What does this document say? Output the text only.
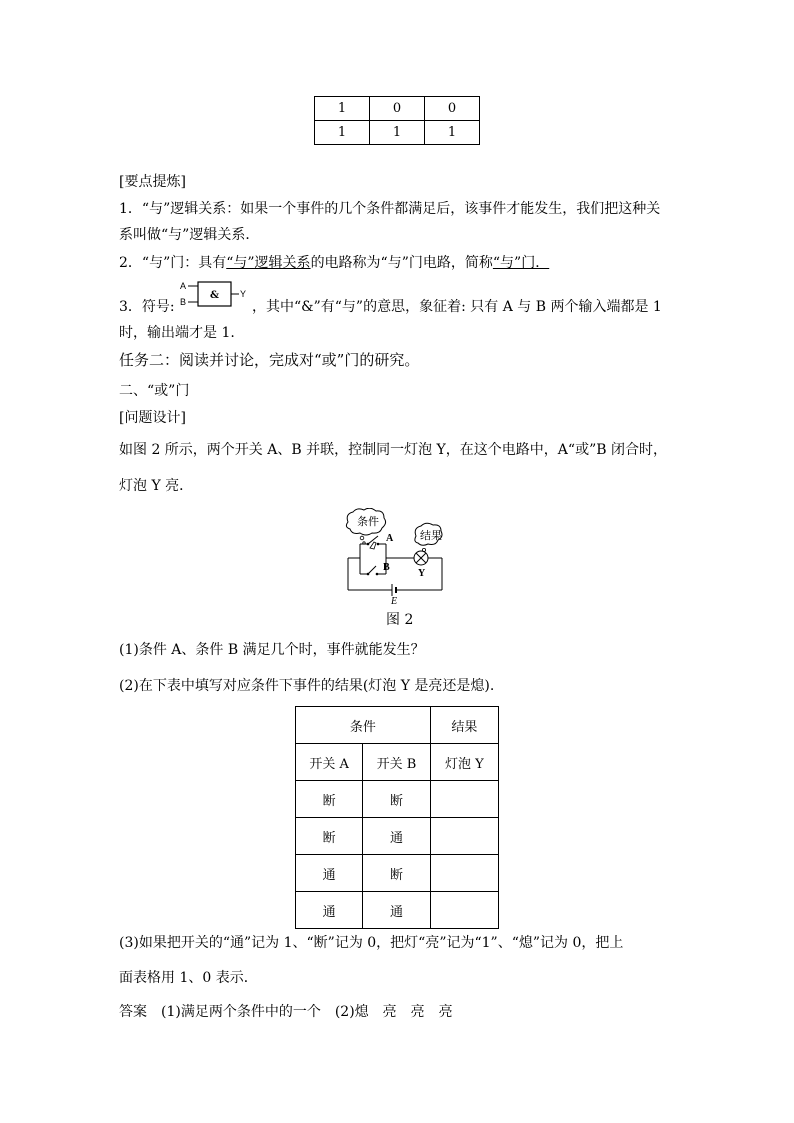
1	0	0
1	1	1
[要点提炼]
1．“与”逻辑关系：如果一个事件的几个条件都满足后，该事件才能发生，我们把这种关
系叫做“与”逻辑关系．
2．“与”门：具有“与”逻辑关系的电路称为“与”门电路，简称“与”门．
3．符号:
A
B
& Y
，其中“&”有“与”的意思，象征着: 只有 A 与 B 两个输入端都是 1
时，输出端才是 1.
任务二：阅读并讨论，完成对“或”门的研究。
二、“或”门
[问题设计]
如图 2 所示，两个开关 A、B 并联，控制同一灯泡 Y，在这个电路中，A“或”B 闭合时，
灯泡 Y 亮．
条件
结果
A
B
Y
E
图 2
(1)条件 A、条件 B 满足几个时，事件就能发生？
(2)在下表中填写对应条件下事件的结果(灯泡 Y 是亮还是熄).
条件		结果
开关 A	开关 B	灯泡 Y
断	断	
断	通	
通	断	
通	通	
(3)如果把开关的“通”记为 1、“断”记为 0，把灯“亮”记为“1”、“熄”记为 0，把上
面表格用 1、0 表示．
答案　(1)满足两个条件中的一个　(2)熄　亮　亮　亮
